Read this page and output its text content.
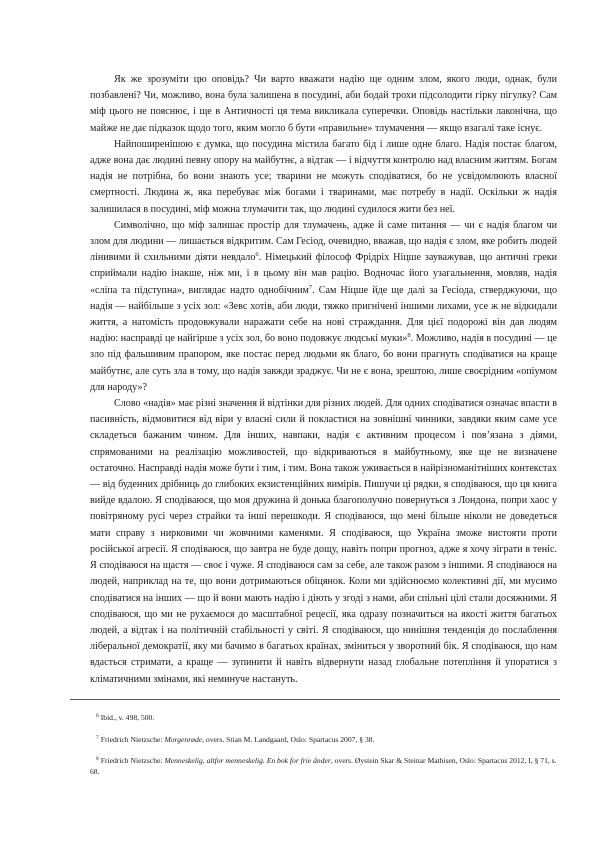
Як же зрозуміти цю оповідь? Чи варто вважати надію ще одним злом, якого люди, однак, були позбавлені? Чи, можливо, вона була залишена в посудині, аби бодай трохи підсолодити гірку пігулку? Сам міф цього не пояснює, і ще в Античності ця тема викликала суперечки. Оповідь настільки лаконічна, що майже не дає підказок щодо того, яким могло б бути «правильне» тлумачення — якщо взагалі таке існує.

Найпоширенішою є думка, що посудина містила багато бід і лише одне благо. Надія постає благом, адже вона дає людині певну опору на майбутнє, а відтак — і відчуття контролю над власним життям. Богам надія не потрібна, бо вони знають усе; тварини не можуть сподіватися, бо не усвідомлюють власної смертності. Людина ж, яка перебуває між богами і тваринами, має потребу в надії. Оскільки ж надія залишилася в посудині, міф можна тлумачити так, що людині судилося жити без неї.

Символічно, що міф залишає простір для тлумачень, адже й саме питання — чи є надія благом чи злом для людини — лишається відкритим. Сам Гесіод, очевидно, вважав, що надія є злом, яке робить людей лінивими й схильними діяти невдало$^6$. Німецький філософ Фрідріх Ніцше зауважував, що античні греки сприймали надію інакше, ніж ми, і в цьому він мав рацію. Водночас його узагальнення, мовляв, надія «сліпа та підступна», виглядає надто однобічним$^7$. Сам Ніцше йде ще далі за Гесіода, стверджуючи, що надія — найбільше з усіх зол: «Зевс хотів, аби люди, тяжко пригнічені іншими лихами, усе ж не відкидали життя, а натомість продовжували наражати себе на нові страждання. Для цієї подорожі він дав людям надію: насправді це найгірше з усіх зол, бо воно подовжує людські муки»$^8$. Можливо, надія в посудині — це зло під фальшивим прапором, яке постає перед людьми як благо, бо вони прагнуть сподіватися на краще майбутнє, але суть зла в тому, що надія завжди зраджує. Чи не є вона, зрештою, лише своєрідним «опіумом для народу»?

Слово «надія» має різні значення й відтінки для різних людей. Для одних сподіватися означає впасти в пасивність, відмовитися від віри у власні сили й покластися на зовнішні чинники, завдяки яким саме усе складеться бажаним чином. Для інших, навпаки, надія є активним процесом і пов’язана з діями, спрямованими на реалізацію можливостей, що відкриваються в майбутньому, яке ще не визначене остаточно. Насправді надія може бути і тим, і тим. Вона також уживається в найрізноманітніших контекстах — від буденних дрібниць до глибоких екзистенційних вимірів. Пишучи ці рядки, я сподіваюся, що ця книга вийде вдалою. Я сподіваюся, що моя дружина й донька благополучно повернуться з Лондона, попри хаос у повітряному русі через страйки та інші перешкоди. Я сподіваюся, що мені більше ніколи не доведеться мати справу з нирковими чи жовчними каменями. Я сподіваюся, що Україна зможе вистояти проти російської агресії. Я сподіваюся, що завтра не буде дощу, навіть попри прогноз, адже я хочу зіграти в теніс. Я сподіваюся на щастя — своє і чуже. Я сподіваюся сам за себе, але також разом з іншими. Я сподіваюся на людей, наприклад на те, що вони дотримаються обіцянок. Коли ми здійснюємо колективні дії, ми мусимо сподіватися на інших — що й вони мають надію і діють у згоді з нами, аби спільні цілі стали досяжними. Я сподіваюся, що ми не рухаємося до масштабної рецесії, яка одразу позначиться на якості життя багатьох людей, а відтак і на політичній стабільності у світі. Я сподіваюся, що нинішня тенденція до послаблення ліберальної демократії, яку ми бачимо в багатьох країнах, зміниться у зворотний бік. Я сподіваюся, що нам вдасться стримати, а краще — зупинити й навіть відвернути назад глобальне потепління й упоратися з кліматичними змінами, які неминуче настануть.

$^6$ Ibid., v. 498, 500.

$^7$ Friedrich Nietzsche: Morgenrøde, overs. Stian M. Landgaard, Oslo: Spartacus 2007, § 38.

$^8$ Friedrich Nietzsche: Menneskelig, altfor menneskelig. En bok for frie ånder, overs. Øystein Skar & Steinar Mathisen, Oslo: Spartacus 2012, I, § 71, s. 68.
